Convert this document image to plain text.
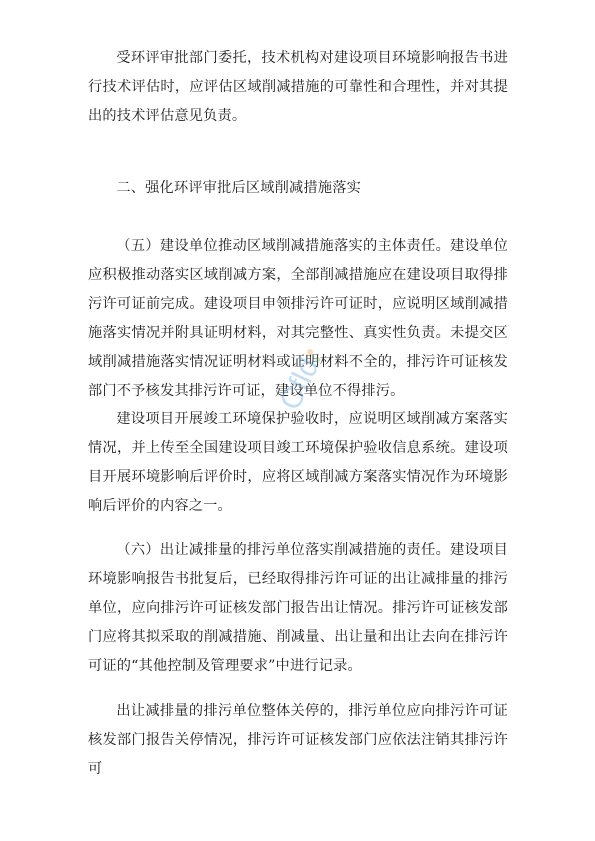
受环评审批部门委托，技术机构对建设项目环境影响报告书进行技术评估时，应评估区域削减措施的可靠性和合理性，并对其提出的技术评估意见负责。

二、强化环评审批后区域削减措施落实

（五）建设单位推动区域削减措施落实的主体责任。建设单位应积极推动落实区域削减方案，全部削减措施应在建设项目取得排污许可证前完成。建设项目申领排污许可证时，应说明区域削减措施落实情况并附具证明材料，对其完整性、真实性负责。未提交区域削减措施落实情况证明材料或证明材料不全的，排污许可证核发部门不予核发其排污许可证，建设单位不得排污。

建设项目开展竣工环境保护验收时，应说明区域削减方案落实情况，并上传至全国建设项目竣工环境保护验收信息系统。建设项目开展环境影响后评价时，应将区域削减方案落实情况作为环境影响后评价的内容之一。

（六）出让减排量的排污单位落实削减措施的责任。建设项目环境影响报告书批复后，已经取得排污许可证的出让减排量的排污单位，应向排污许可证核发部门报告出让情况。排污许可证核发部门应将其拟采取的削减措施、削减量、出让量和出让去向在排污许可证的“其他控制及管理要求”中进行记录。

出让减排量的排污单位整体关停的，排污单位应向排污许可证核发部门报告关停情况，排污许可证核发部门应依法注销其排污许可

Cfld
